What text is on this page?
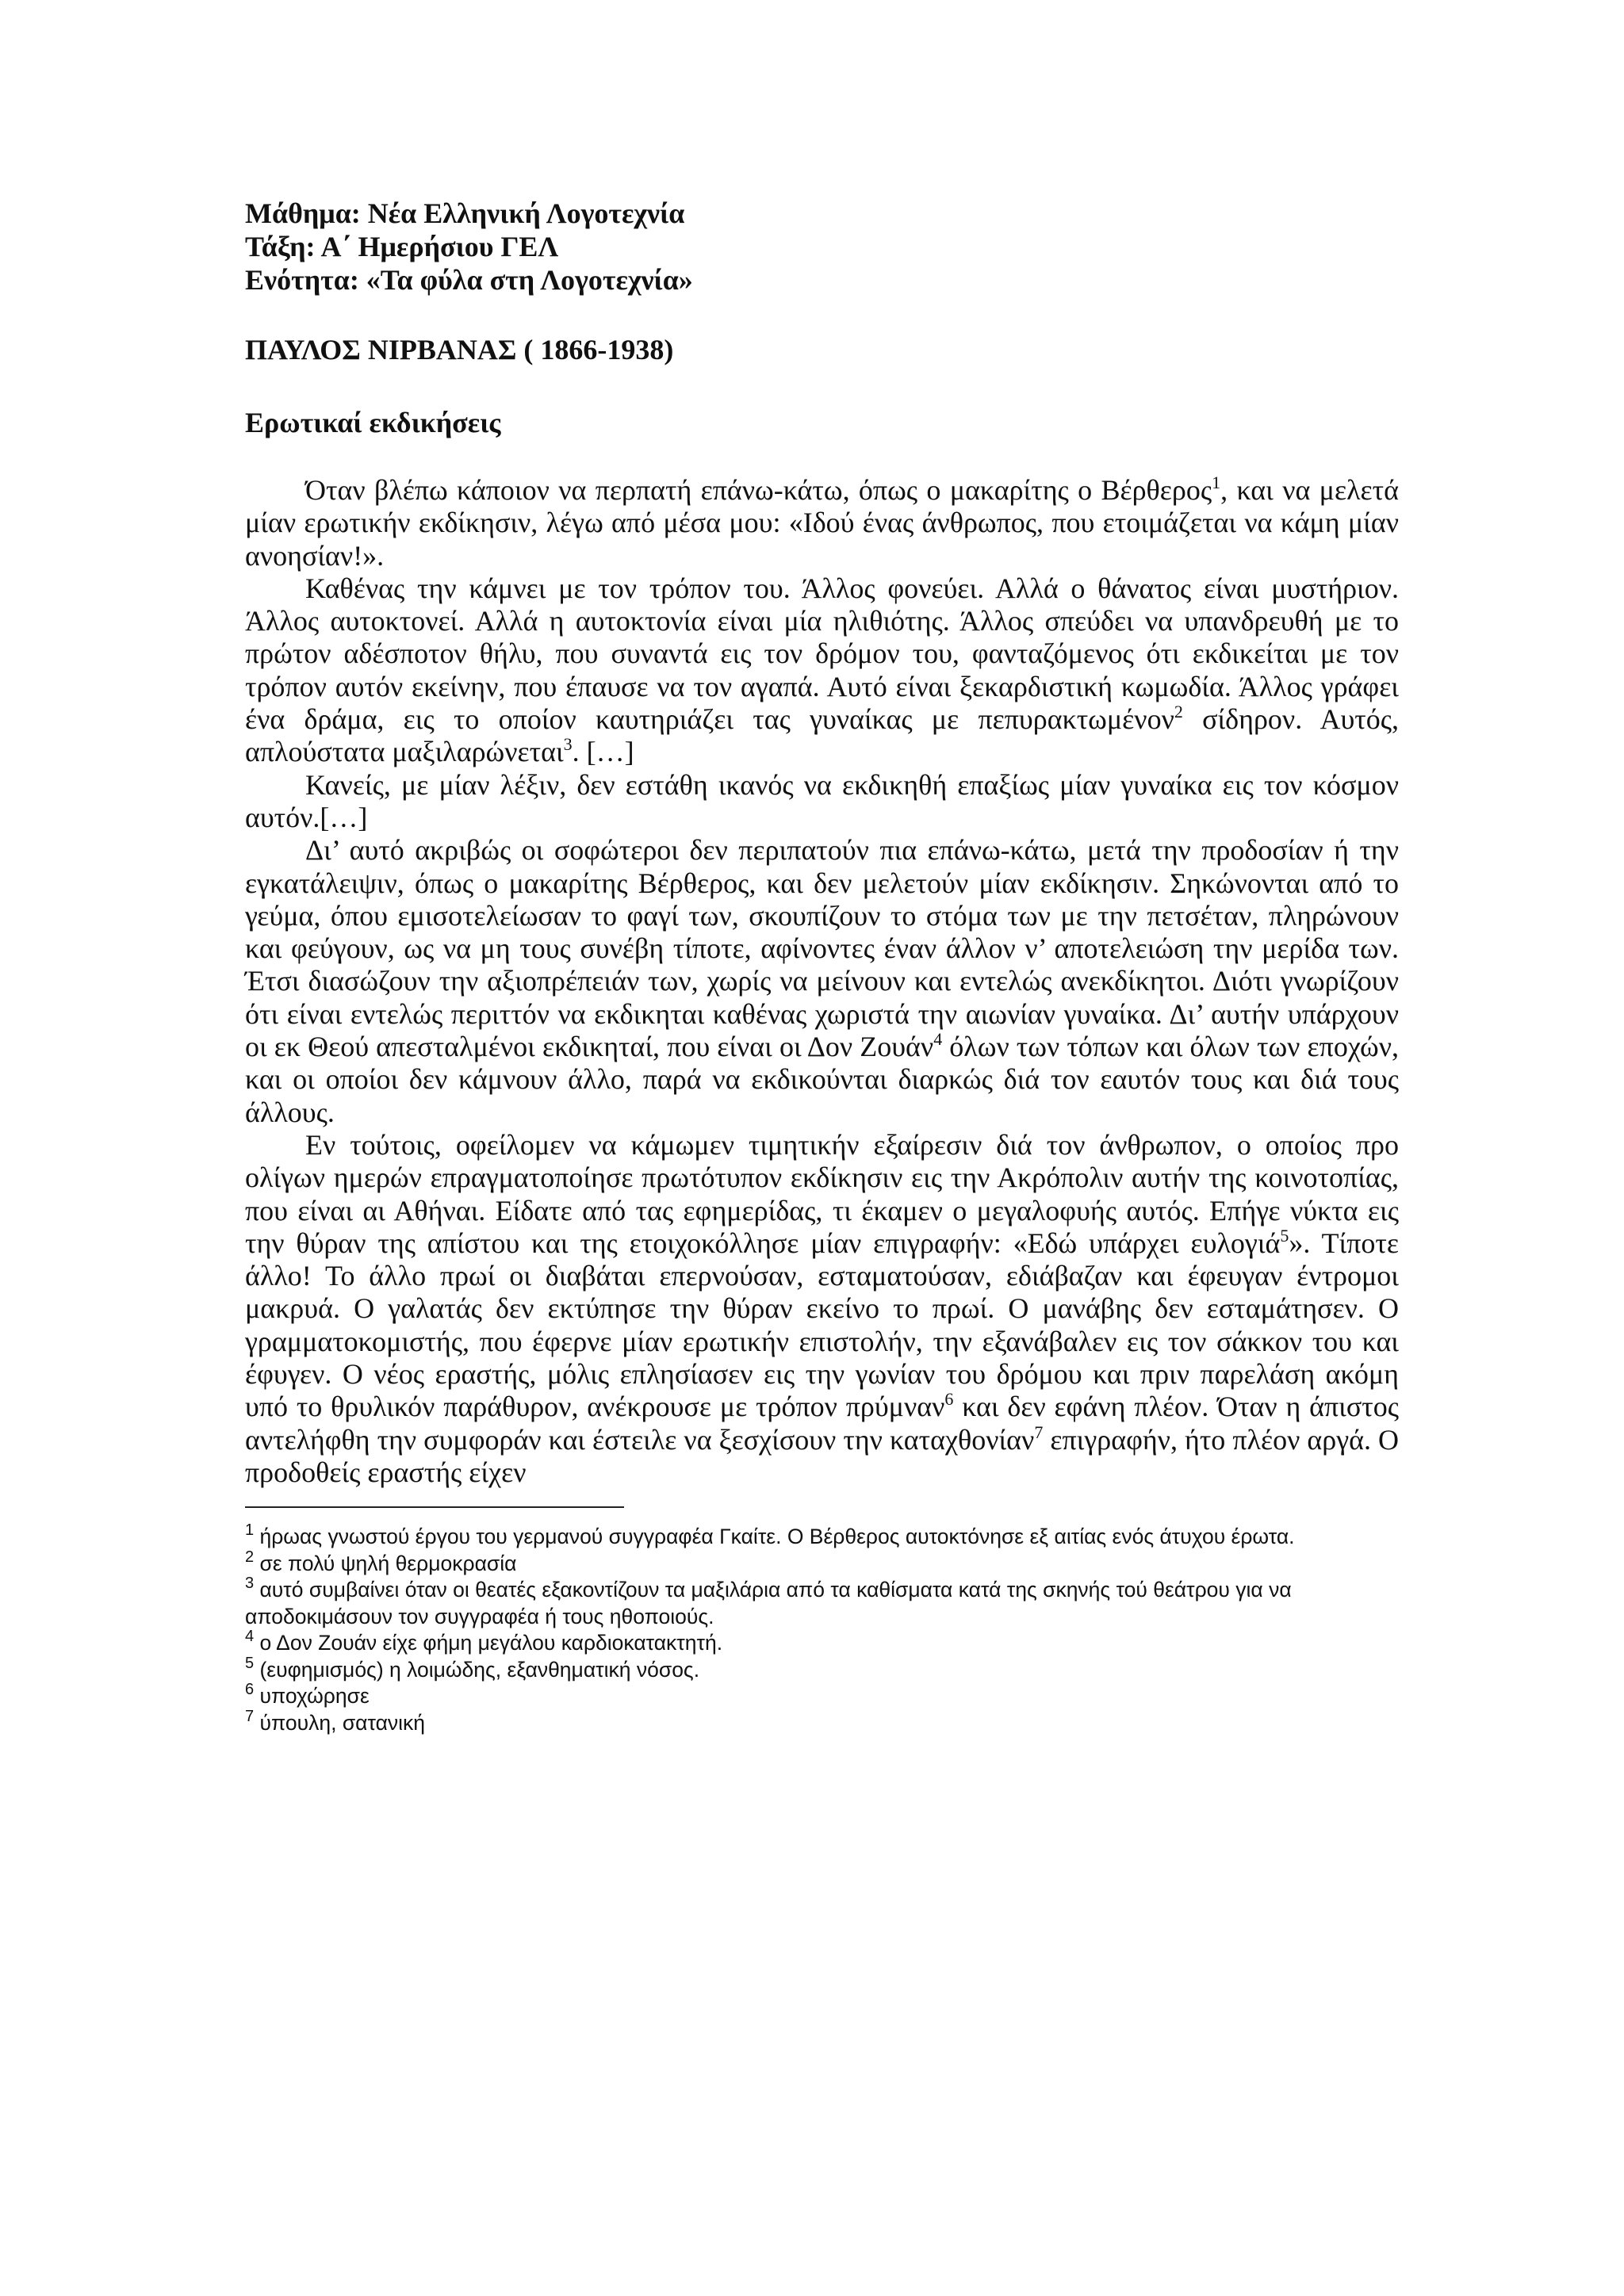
Μάθημα: Νέα Ελληνική Λογοτεχνία

Τάξη: Α΄ Ημερήσιου ΓΕΛ

Ενότητα: «Τα φύλα στη Λογοτεχνία»

ΠΑΥΛΟΣ ΝΙΡΒΑΝΑΣ ( 1866-1938)

Ερωτικαί εκδικήσεις

Όταν βλέπω κάποιον να περπατή επάνω-κάτω, όπως ο μακαρίτης ο Βέρθερος$^1$, και να μελετά μίαν ερωτικήν εκδίκησιν, λέγω από μέσα μου: «Ιδού ένας άνθρωπος, που ετοιμάζεται να κάμη μίαν ανοησίαν!».

Καθένας την κάμνει με τον τρόπον του. Άλλος φονεύει. Αλλά ο θάνατος είναι μυστήριον. Άλλος αυτοκτονεί. Αλλά η αυτοκτονία είναι μία ηλιθιότης. Άλλος σπεύδει να υπανδρευθή με το πρώτον αδέσποτον θήλυ, που συναντά εις τον δρόμον του, φανταζόμενος ότι εκδικείται με τον τρόπον αυτόν εκείνην, που έπαυσε να τον αγαπά. Αυτό είναι ξεκαρδιστική κωμωδία. Άλλος γράφει ένα δράμα, εις το οποίον καυτηριάζει τας γυναίκας με πεπυρακτωμένον$^2$ σίδηρον. Αυτός, απλούστατα μαξιλαρώνεται$^3$. […]

Κανείς, με μίαν λέξιν, δεν εστάθη ικανός να εκδικηθή επαξίως μίαν γυναίκα εις τον κόσμον αυτόν.[…]

Δι’ αυτό ακριβώς οι σοφώτεροι δεν περιπατούν πια επάνω-κάτω, μετά την προδοσίαν ή την εγκατάλειψιν, όπως ο μακαρίτης Βέρθερος, και δεν μελετούν μίαν εκδίκησιν. Σηκώνονται από το γεύμα, όπου εμισοτελείωσαν το φαγί των, σκουπίζουν το στόμα των με την πετσέταν, πληρώνουν και φεύγουν, ως να μη τους συνέβη τίποτε, αφίνοντες έναν άλλον ν’ αποτελειώση την μερίδα των. Έτσι διασώζουν την αξιοπρέπειάν των, χωρίς να μείνουν και εντελώς ανεκδίκητοι. Διότι γνωρίζουν ότι είναι εντελώς περιττόν να εκδικηται καθένας χωριστά την αιωνίαν γυναίκα. Δι’ αυτήν υπάρχουν οι εκ Θεού απεσταλμένοι εκδικηταί, που είναι οι Δον Ζουάν$^4$ όλων των τόπων και όλων των εποχών, και οι οποίοι δεν κάμνουν άλλο, παρά να εκδικούνται διαρκώς διά τον εαυτόν τους και διά τους άλλους.

Εν τούτοις, οφείλομεν να κάμωμεν τιμητικήν εξαίρεσιν διά τον άνθρωπον, ο οποίος προ ολίγων ημερών επραγματοποίησε πρωτότυπον εκδίκησιν εις την Ακρόπολιν αυτήν της κοινοτοπίας, που είναι αι Αθήναι. Είδατε από τας εφημερίδας, τι έκαμεν ο μεγαλοφυής αυτός. Επήγε νύκτα εις την θύραν της απίστου και της ετοιχοκόλλησε μίαν επιγραφήν: «Εδώ υπάρχει ευλογιά$^5$». Τίποτε άλλο! Το άλλο πρωί οι διαβάται επερνούσαν, εσταματούσαν, εδιάβαζαν και έφευγαν έντρομοι μακρυά. Ο γαλατάς δεν εκτύπησε την θύραν εκείνο το πρωί. Ο μανάβης δεν εσταμάτησεν. Ο γραμματοκομιστής, που έφερνε μίαν ερωτικήν επιστολήν, την εξανάβαλεν εις τον σάκκον του και έφυγεν. Ο νέος εραστής, μόλις επλησίασεν εις την γωνίαν του δρόμου και πριν παρελάση ακόμη υπό το θρυλικόν παράθυρον, ανέκρουσε με τρόπον πρύμναν$^6$ και δεν εφάνη πλέον. Όταν η άπιστος αντελήφθη την συμφοράν και έστειλε να ξεσχίσουν την καταχθονίαν$^7$ επιγραφήν, ήτο πλέον αργά. Ο προδοθείς εραστής είχεν

$^1$ ήρωας γνωστού έργου του γερμανού συγγραφέα Γκαίτε. Ο Βέρθερος αυτοκτόνησε εξ αιτίας ενός άτυχου έρωτα.

$^2$ σε πολύ ψηλή θερμοκρασία

$^3$ αυτό συμβαίνει όταν οι θεατές εξακοντίζουν τα μαξιλάρια από τα καθίσματα κατά της σκηνής τού θεάτρου για να αποδοκιμάσουν τον συγγραφέα ή τους ηθοποιούς.

$^4$ ο Δον Ζουάν είχε φήμη μεγάλου καρδιοκατακτητή.

$^5$ (ευφημισμός) η λοιμώδης, εξανθηματική νόσος.

$^6$ υποχώρησε

$^7$ ύπουλη, σατανική
